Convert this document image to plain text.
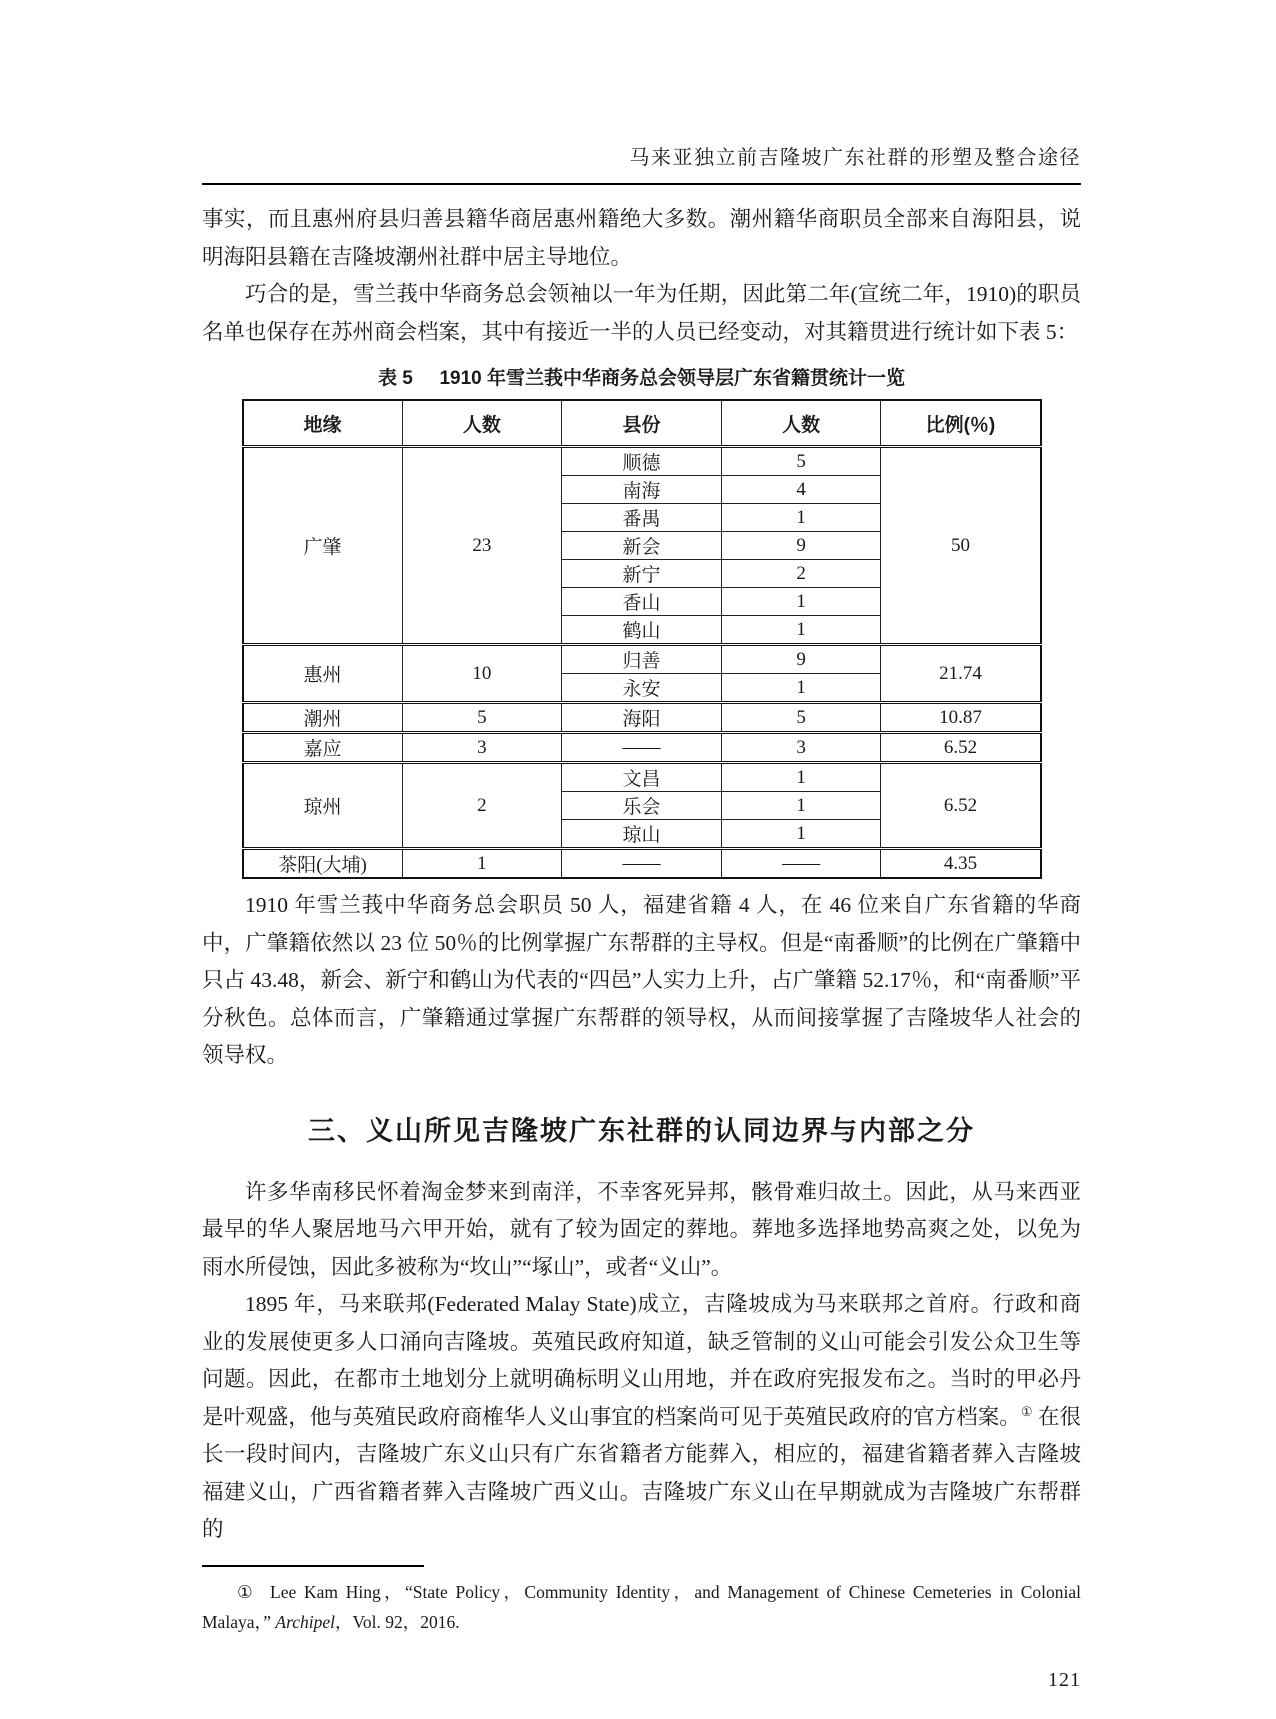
马来亚独立前吉隆坡广东社群的形塑及整合途径

事实，而且惠州府县归善县籍华商居惠州籍绝大多数。潮州籍华商职员全部来自海阳县，说明海阳县籍在吉隆坡潮州社群中居主导地位。

巧合的是，雪兰莪中华商务总会领袖以一年为任期，因此第二年(宣统二年，1910)的职员名单也保存在苏州商会档案，其中有接近一半的人员已经变动，对其籍贯进行统计如下表 5：

表 5 1910 年雪兰莪中华商务总会领导层广东省籍贯统计一览
地缘	人数	县份	人数	比例(％)
广肇	23	顺德	5	50
		南海	4	
		番禺	1	
		新会	9	
		新宁	2	
		香山	1	
		鹤山	1	
惠州	10	归善	9	21.74
		永安	1	
潮州	5	海阳	5	10.87
嘉应	3	——	3	6.52
琼州	2	文昌	1	6.52
		乐会	1	
		琼山	1	
茶阳(大埔)	1	——	——	4.35

1910 年雪兰莪中华商务总会职员 50 人，福建省籍 4 人，在 46 位来自广东省籍的华商中，广肇籍依然以 23 位 50％的比例掌握广东帮群的主导权。但是“南番顺”的比例在广肇籍中只占 43.48，新会、新宁和鹤山为代表的“四邑”人实力上升，占广肇籍 52.17％，和“南番顺”平分秋色。总体而言，广肇籍通过掌握广东帮群的领导权，从而间接掌握了吉隆坡华人社会的领导权。

三、义山所见吉隆坡广东社群的认同边界与内部之分

许多华南移民怀着淘金梦来到南洋，不幸客死异邦，骸骨难归故土。因此，从马来西亚最早的华人聚居地马六甲开始，就有了较为固定的葬地。葬地多选择地势高爽之处，以免为雨水所侵蚀，因此多被称为“坆山”“塚山”，或者“义山”。

1895 年，马来联邦(Federated Malay State)成立，吉隆坡成为马来联邦之首府。行政和商业的发展使更多人口涌向吉隆坡。英殖民政府知道，缺乏管制的义山可能会引发公众卫生等问题。因此，在都市土地划分上就明确标明义山用地，并在政府宪报发布之。当时的甲必丹是叶观盛，他与英殖民政府商榷华人义山事宜的档案尚可见于英殖民政府的官方档案。① 在很长一段时间内，吉隆坡广东义山只有广东省籍者方能葬入，相应的，福建省籍者葬入吉隆坡福建义山，广西省籍者葬入吉隆坡广西义山。吉隆坡广东义山在早期就成为吉隆坡广东帮群的

① Lee Kam Hing，“State Policy，Community Identity，and Management of Chinese Cemeteries in Colonial Malaya，” Archipel，Vol. 92，2016.

121
